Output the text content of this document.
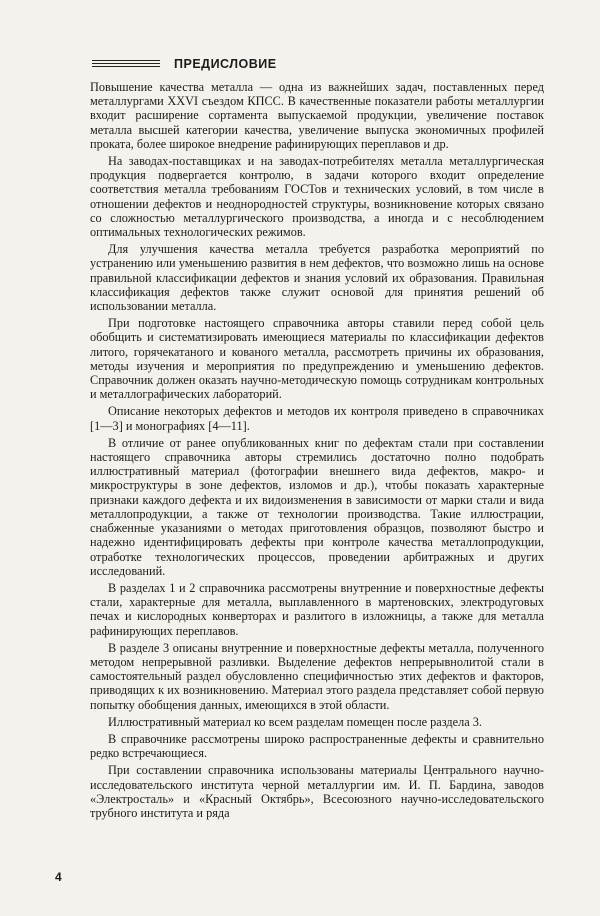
ПРЕДИСЛОВИЕ

Повышение качества металла — одна из важнейших задач, поставленных перед металлургами XXVI съездом КПСС. В качественные показатели работы металлургии входит расширение сортамента выпускаемой продукции, увеличение поставок металла высшей категории качества, увеличение выпуска экономичных профилей проката, более широкое внедрение рафинирующих переплавов и др.

На заводах-поставщиках и на заводах-потребителях металла металлургическая продукция подвергается контролю, в задачи которого входит определение соответствия металла требованиям ГОСТов и технических условий, в том числе в отношении дефектов и неоднородностей структуры, возникновение которых связано со сложностью металлургического производства, а иногда и с несоблюдением оптимальных технологических режимов.

Для улучшения качества металла требуется разработка мероприятий по устранению или уменьшению развития в нем дефектов, что возможно лишь на основе правильной классификации дефектов и знания условий их образования. Правильная классификация дефектов также служит основой для принятия решений об использовании металла.

При подготовке настоящего справочника авторы ставили перед собой цель обобщить и систематизировать имеющиеся материалы по классификации дефектов литого, горячекатаного и кованого металла, рассмотреть причины их образования, методы изучения и мероприятия по предупреждению и уменьшению дефектов. Справочник должен оказать научно-методическую помощь сотрудникам контрольных и металлографических лабораторий.

Описание некоторых дефектов и методов их контроля приведено в справочниках [1—3] и монографиях [4—11].

В отличие от ранее опубликованных книг по дефектам стали при составлении настоящего справочника авторы стремились достаточно полно подобрать иллюстративный материал (фотографии внешнего вида дефектов, макро- и микроструктуры в зоне дефектов, изломов и др.), чтобы показать характерные признаки каждого дефекта и их видоизменения в зависимости от марки стали и вида металлопродукции, а также от технологии производства. Такие иллюстрации, снабженные указаниями о методах приготовления образцов, позволяют быстро и надежно идентифицировать дефекты при контроле качества металлопродукции, отработке технологических процессов, проведении арбитражных и других исследований.

В разделах 1 и 2 справочника рассмотрены внутренние и поверхностные дефекты стали, характерные для металла, выплавленного в мартеновских, электродуговых печах и кислородных конверторах и разлитого в изложницы, а также для металла рафинирующих переплавов.

В разделе 3 описаны внутренние и поверхностные дефекты металла, полученного методом непрерывной разливки. Выделение дефектов непрерывнолитой стали в самостоятельный раздел обусловленно специфичностью этих дефектов и факторов, приводящих к их возникновению. Материал этого раздела представляет собой первую попытку обобщения данных, имеющихся в этой области.

Иллюстративный материал ко всем разделам помещен после раздела 3.

В справочнике рассмотрены широко распространенные дефекты и сравнительно редко встречающиеся.

При составлении справочника использованы материалы Центрального научно-исследовательского института черной металлургии им. И. П. Бардина, заводов «Электросталь» и «Красный Октябрь», Всесоюзного научно-исследовательского трубного института и ряда

4
